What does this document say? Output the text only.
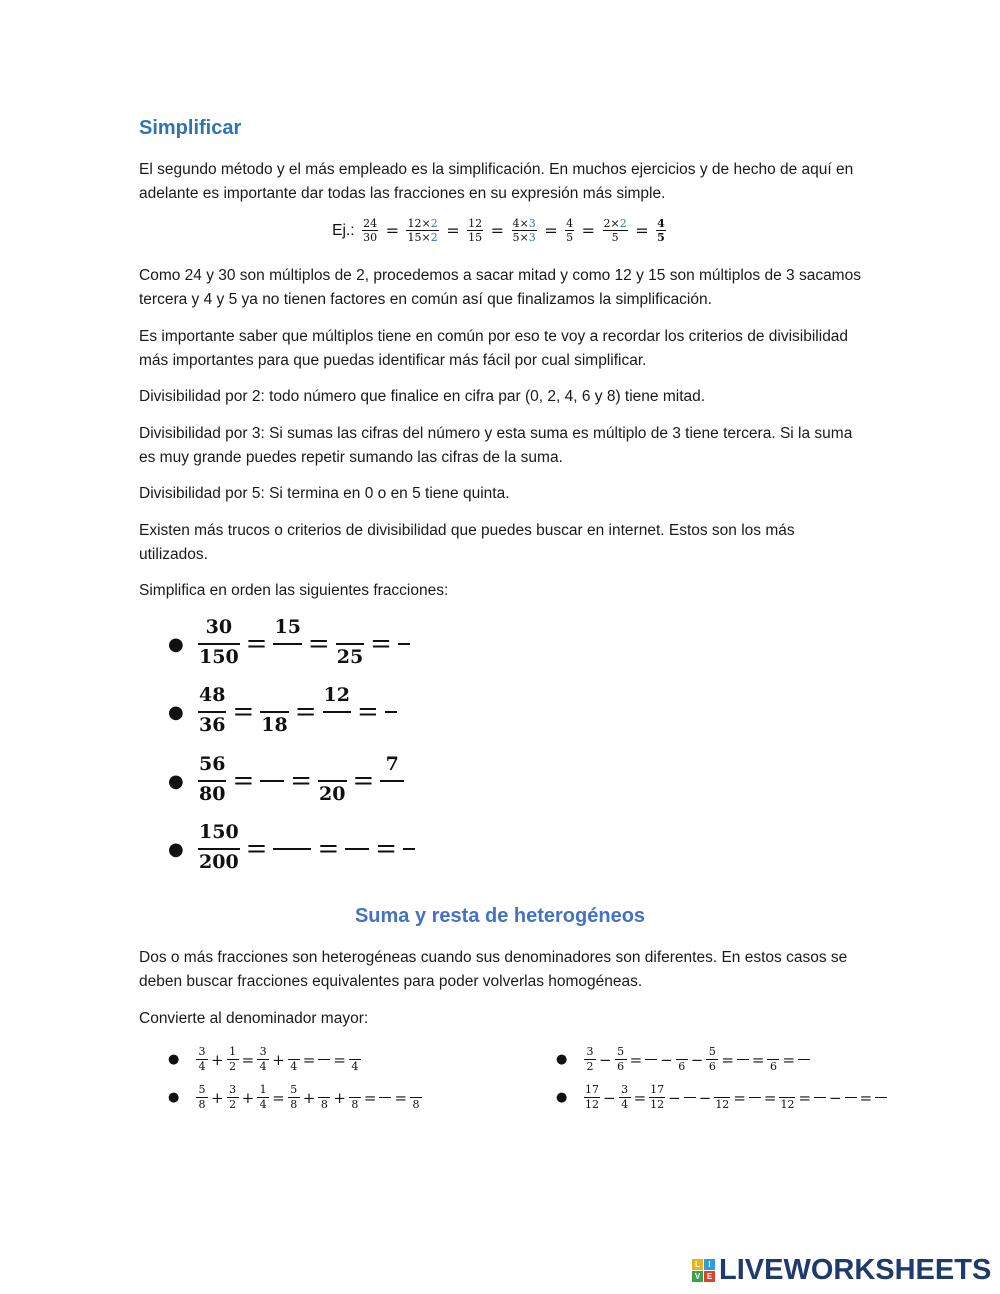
Simplificar
El segundo método y el más empleado es la simplificación. En muchos ejercicios y de hecho de aquí en adelante es importante dar todas las fracciones en su expresión más simple.
Ej.: $\frac{24}{30} = \frac{12\times 2}{15\times 2} = \frac{12}{15} = \frac{4\times 3}{5\times 3} = \frac{4}{5} = \frac{2\times 2}{5} = \frac{4}{5}$
Como 24 y 30 son múltiplos de 2, procedemos a sacar mitad y como 12 y 15 son múltiplos de 3 sacamos tercera y 4 y 5 ya no tienen factores en común así que finalizamos la simplificación.
Es importante saber que múltiplos tiene en común por eso te voy a recordar los criterios de divisibilidad más importantes para que puedas identificar más fácil por cual simplificar.
Divisibilidad por 2: todo número que finalice en cifra par (0, 2, 4, 6 y 8) tiene mitad.
Divisibilidad por 3: Si sumas las cifras del número y esta suma es múltiplo de 3 tiene tercera. Si la suma es muy grande puedes repetir sumando las cifras de la suma.
Divisibilidad por 5: Si termina en 0 o en 5 tiene quinta.
Existen más trucos o criterios de divisibilidad que puedes buscar en internet. Estos son los más utilizados.
Simplifica en orden las siguientes fracciones:
● $\frac{30}{150}$ =
15
= 25 =
● $\frac{48}{36} = 18$ =
12
=
● $\frac{56}{80}$ = = 20 =
7
● $\frac{150}{200}$ = = =
Suma y resta de heterogéneos
Dos o más fracciones son heterogéneas cuando sus denominadores son diferentes. En estos casos se deben buscar fracciones equivalentes para poder volverlas homogéneas.
Convierte al denominador mayor:
●	$\frac{3}{4} + \frac{1}{2} = \frac{3}{4} + 4$ = = 4
●	$\frac{5}{8} + \frac{3}{2} + \frac{1}{4} = \frac{5}{8} + 8 + 8$ = = 8
●	$\frac{3}{2} - \frac{5}{6}$ = − $6 - \frac{5}{6}$ = = 6 =
●	$\frac{17}{12} - \frac{3}{4} = \frac{17}{12}$ − − 12 = = 12 = − =
L	I
V E LIVEWORKSHEETS
